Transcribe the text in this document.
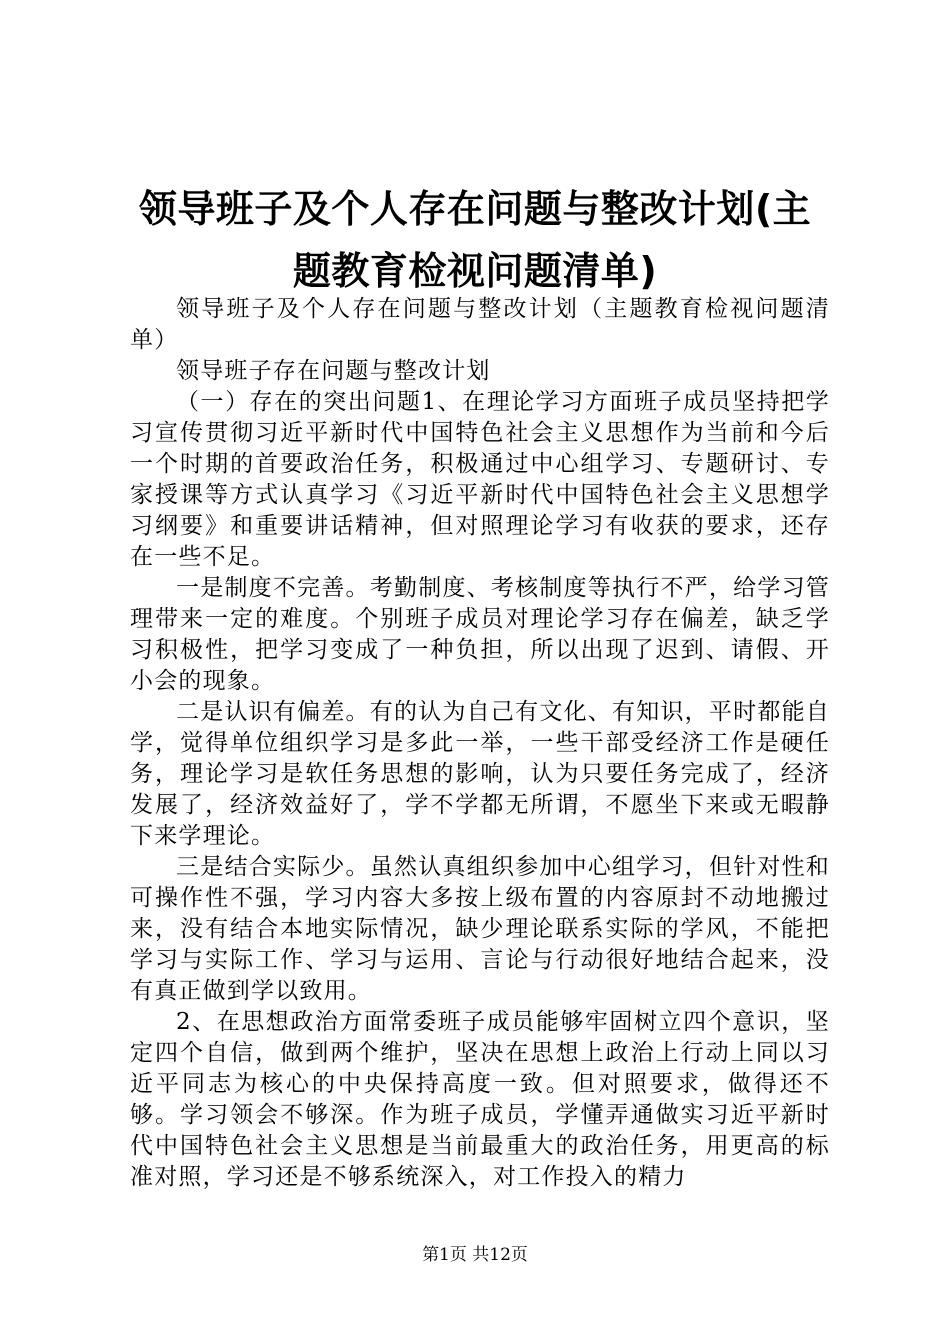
领导班子及个人存在问题与整改计划(主题教育检视问题清单)

领导班子及个人存在问题与整改计划（主题教育检视问题清单）

领导班子存在问题与整改计划

（一）存在的突出问题1、在理论学习方面班子成员坚持把学习宣传贯彻习近平新时代中国特色社会主义思想作为当前和今后一个时期的首要政治任务，积极通过中心组学习、专题研讨、专家授课等方式认真学习《习近平新时代中国特色社会主义思想学习纲要》和重要讲话精神，但对照理论学习有收获的要求，还存在一些不足。

一是制度不完善。考勤制度、考核制度等执行不严，给学习管理带来一定的难度。个别班子成员对理论学习存在偏差，缺乏学习积极性，把学习变成了一种负担，所以出现了迟到、请假、开小会的现象。

二是认识有偏差。有的认为自己有文化、有知识，平时都能自学，觉得单位组织学习是多此一举，一些干部受经济工作是硬任务，理论学习是软任务思想的影响，认为只要任务完成了，经济发展了，经济效益好了，学不学都无所谓，不愿坐下来或无暇静下来学理论。

三是结合实际少。虽然认真组织参加中心组学习，但针对性和可操作性不强，学习内容大多按上级布置的内容原封不动地搬过来，没有结合本地实际情况，缺少理论联系实际的学风，不能把学习与实际工作、学习与运用、言论与行动很好地结合起来，没有真正做到学以致用。

2、在思想政治方面常委班子成员能够牢固树立四个意识，坚定四个自信，做到两个维护，坚决在思想上政治上行动上同以习近平同志为核心的中央保持高度一致。但对照要求，做得还不够。学习领会不够深。作为班子成员，学懂弄通做实习近平新时代中国特色社会主义思想是当前最重大的政治任务，用更高的标准对照，学习还是不够系统深入，对工作投入的精力

第1页 共12页
